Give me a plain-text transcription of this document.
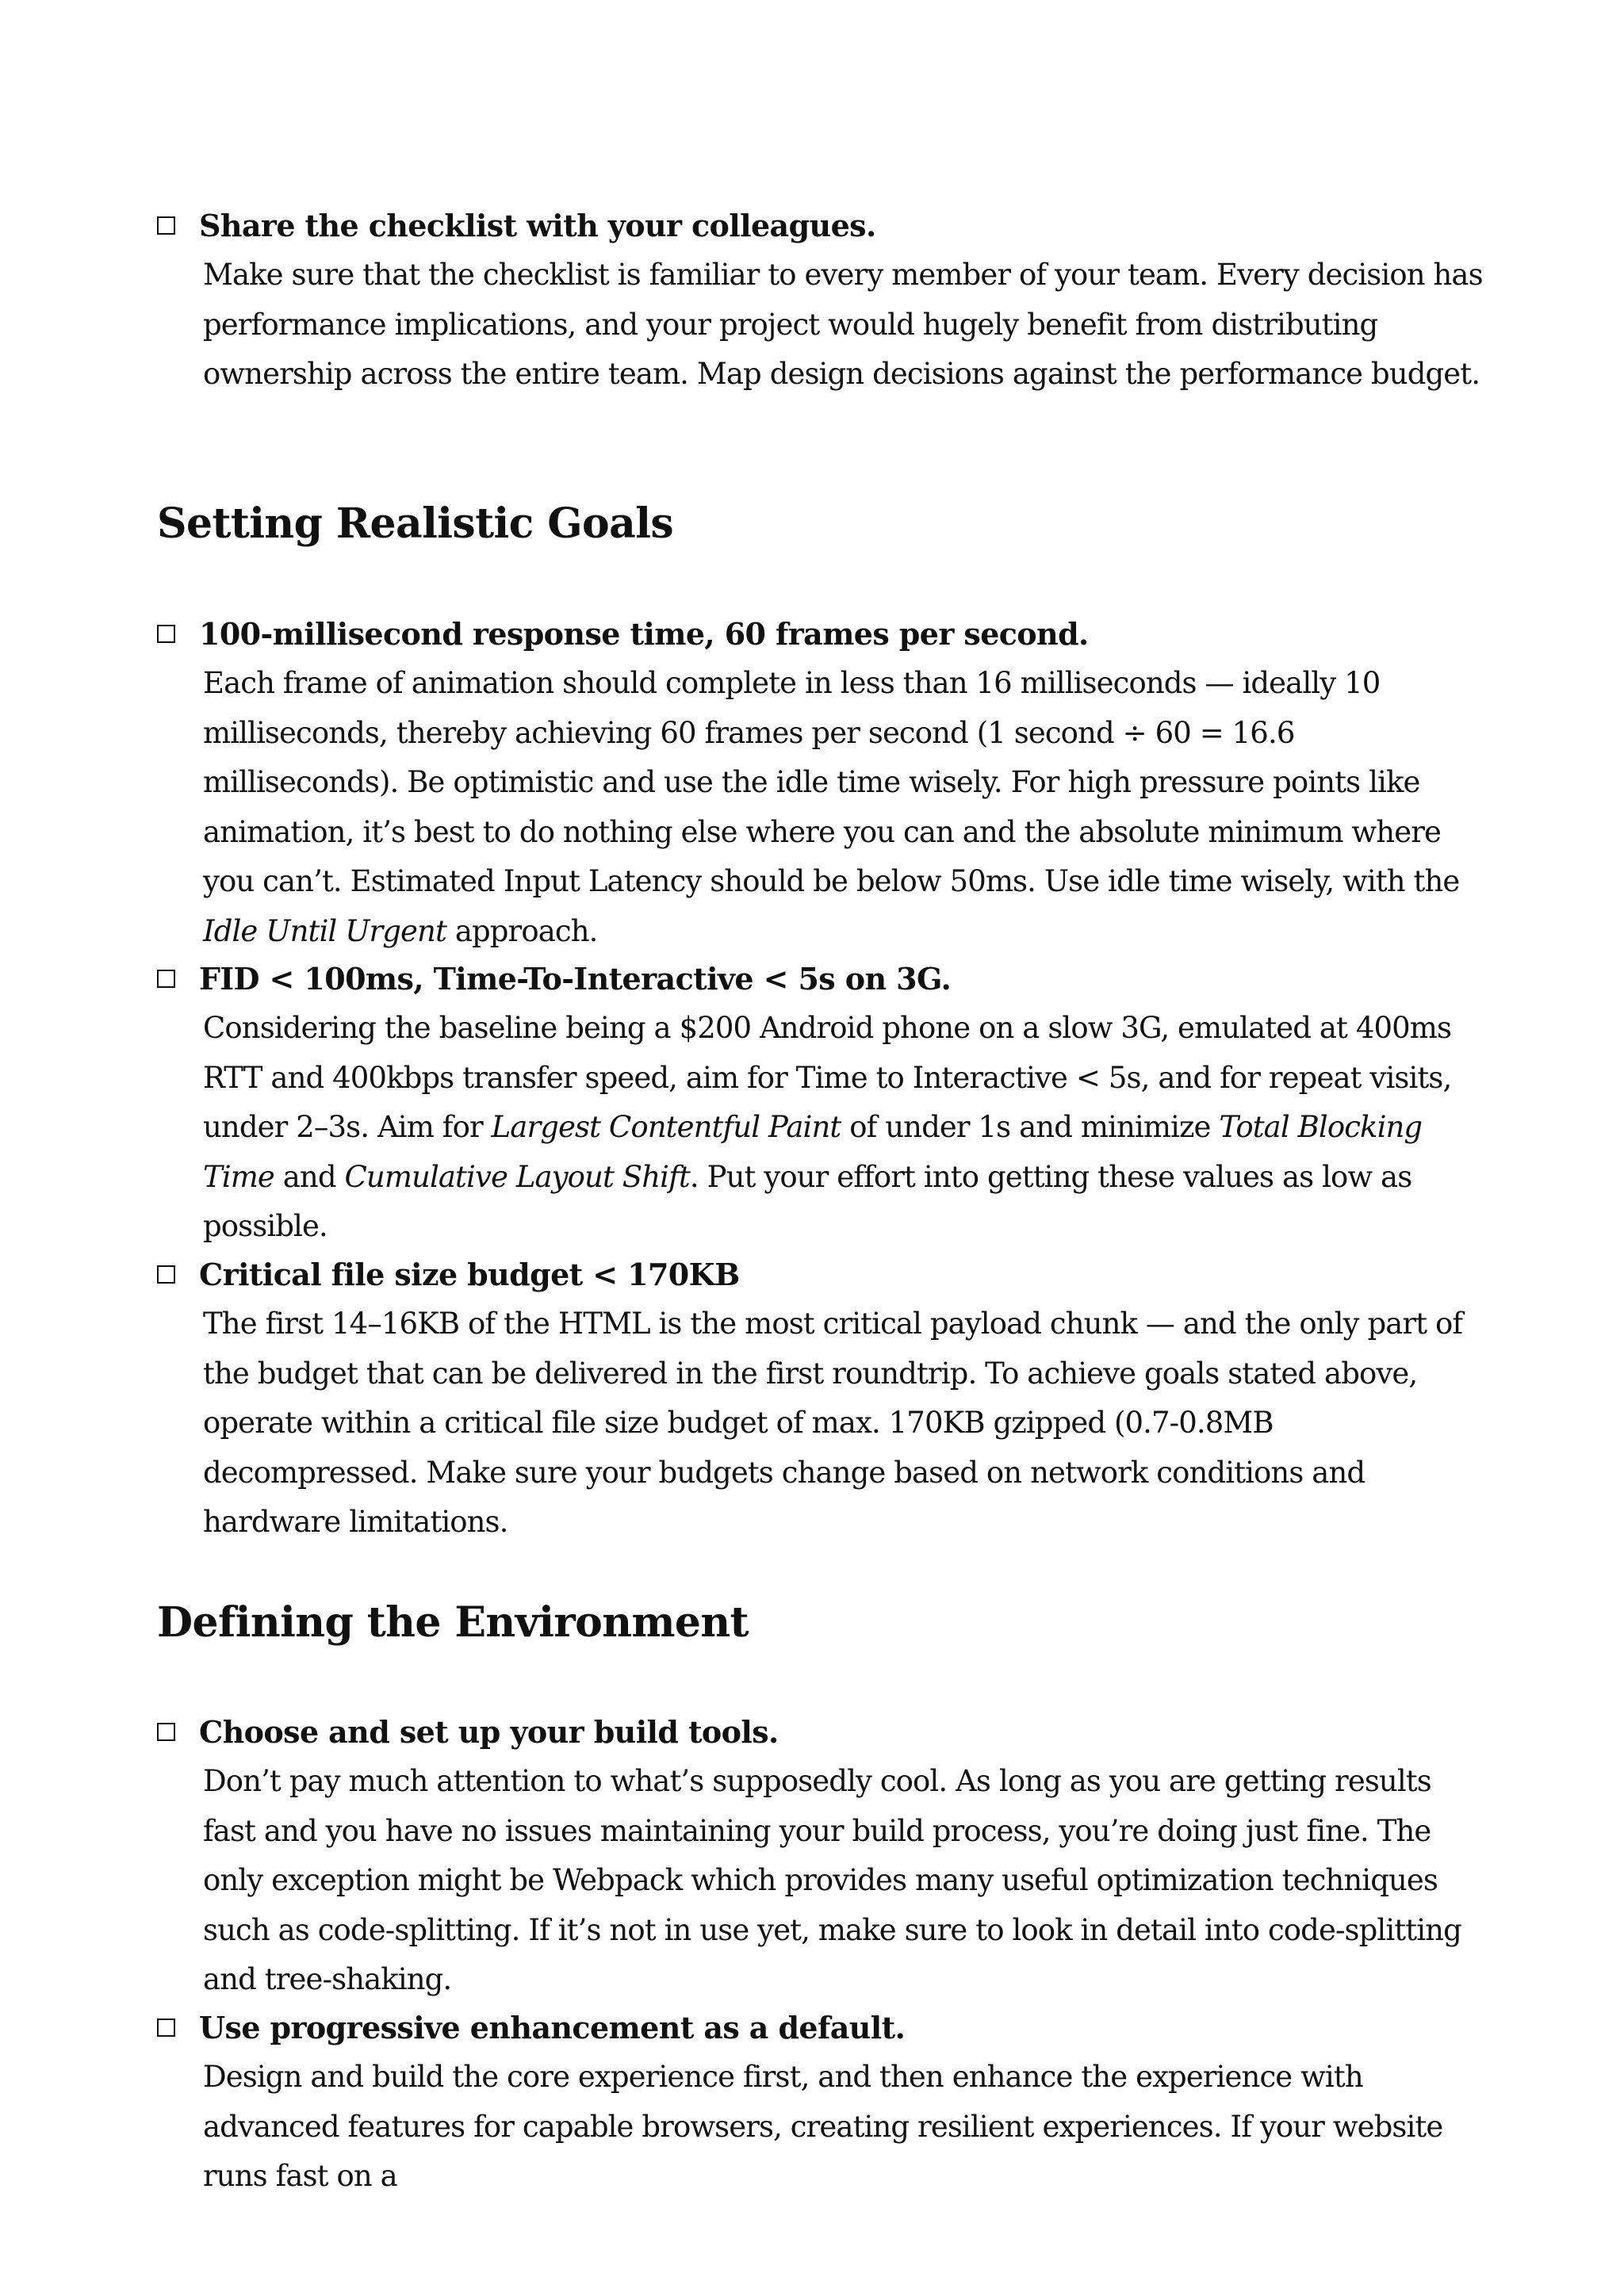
Share the checklist with your colleagues.

Make sure that the checklist is familiar to every member of your team. Every decision has performance implications, and your project would hugely benefit from distributing ownership across the entire team. Map design decisions against the performance budget.

Setting Realistic Goals
100-millisecond response time, 60 frames per second.

Each frame of animation should complete in less than 16 milliseconds — ideally 10 milliseconds, thereby achieving 60 frames per second (1 second ÷ 60 = 16.6 milliseconds). Be optimistic and use the idle time wisely. For high pressure points like animation, it’s best to do nothing else where you can and the absolute minimum where you can’t. Estimated Input Latency should be below 50ms. Use idle time wisely, with the Idle Until Urgent approach.

FID < 100ms, Time-To-Interactive < 5s on 3G.

Considering the baseline being a $200 Android phone on a slow 3G, emulated at 400ms RTT and 400kbps transfer speed, aim for Time to Interactive < 5s, and for repeat visits, under 2–3s. Aim for Largest Contentful Paint of under 1s and minimize Total Blocking Time and Cumulative Layout Shift. Put your effort into getting these values as low as possible.

Critical file size budget < 170KB

The first 14–16KB of the HTML is the most critical payload chunk — and the only part of the budget that can be delivered in the first roundtrip. To achieve goals stated above, operate within a critical file size budget of max. 170KB gzipped (0.7-0.8MB decompressed. Make sure your budgets change based on network conditions and hardware limitations.

Defining the Environment
Choose and set up your build tools.

Don’t pay much attention to what’s supposedly cool. As long as you are getting results fast and you have no issues maintaining your build process, you’re doing just fine. The only exception might be Webpack which provides many useful optimization techniques such as code-splitting. If it’s not in use yet, make sure to look in detail into code-splitting and tree-shaking.

Use progressive enhancement as a default.

Design and build the core experience first, and then enhance the experience with advanced features for capable browsers, creating resilient experiences. If your website runs fast on a
